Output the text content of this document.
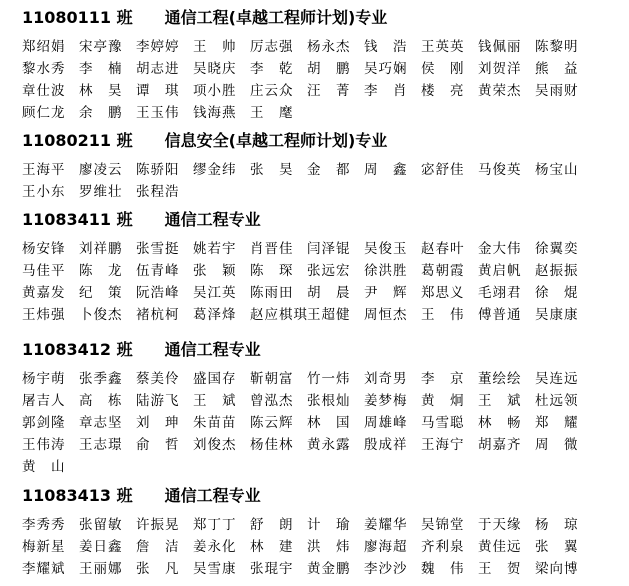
11080111 班 通信工程(卓越工程师计划)专业
郑绍娟	宋亭豫	李婷婷	王　帅	厉志强	杨永杰	钱　浩	王英英	钱佩丽	陈黎明
黎水秀	李　楠	胡志进	吴晓庆	李　乾	胡　鹏	吴巧娴	侯　刚	刘贺洋	熊　益
章仕波	林　昊	谭　琪	项小胜	庄云众	汪　菁	李　肖	楼　亮	黄荣杰	吴雨财
顾仁龙	余　鹏	王玉伟	钱海燕	王　麾
11080211 班 信息安全(卓越工程师计划)专业
王海平	廖凌云	陈骄阳	缪金纬	张　昊	金　都	周　鑫	宓舒佳	马俊英	杨宝山
王小东	罗维壮	张程浩
11083411 班 通信工程专业
杨安锋	刘祥鹏	张雪挺	姚若宇	肖晋佳	闫泽锟	吴俊玉	赵春叶	金大伟	徐翼奕
马佳平	陈　龙	伍青峰	张　颖	陈　琛	张远宏	徐洪胜	葛朝霞	黄启帆	赵振振
黄嘉发	纪　策	阮浩峰	吴江英	陈雨田	胡　晨	尹　辉	郑思义	毛翊君	徐　焜
王炜强	卜俊杰	褚杭柯	葛泽烽	赵应棋琪 王超健	周恒杰	王　伟	傅普通	吴康康
11083412 班 通信工程专业
杨宇萌	张季鑫	蔡美伶	盛国存	靳朝富	竹一炜	刘奇男	李　京	董绘绘	吴连远
屠吉人	高　栋	陆游飞	王　斌	曾泓杰	张根灿	姜梦梅	黄　炯	王　斌	杜远领
郭剑隆	章志坚	刘　珅	朱苗苗	陈云辉	林　国	周雄峰	马雪聪	林　畅	郑　耀
王伟涛	王志璟	俞　哲	刘俊杰	杨佳林	黄永露	殷成祥	王海宁	胡嘉齐	周　微
黄　山
11083413 班 通信工程专业
李秀秀	张留敏	许振晃	郑丁丁	舒　朗	计　瑜	姜耀华	吴锦堂	于天缘	杨　琼
梅新星	姜日鑫	詹　洁	姜永化	林　建	洪　炜	廖海超	齐利泉	黄佳远	张　翼
李耀斌	王丽娜	张　凡	吴雪康	张琨宇	黄金鹏	李沙沙	魏　伟	王　贺	梁向博
